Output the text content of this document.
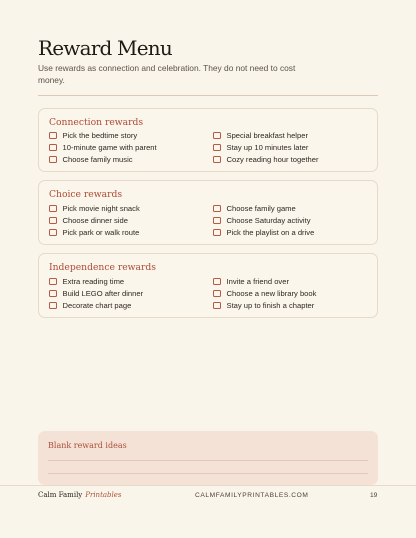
Reward Menu
Use rewards as connection and celebration. They do not need to cost money.
Connection rewards
Pick the bedtime story
10-minute game with parent
Choose family music
Special breakfast helper
Stay up 10 minutes later
Cozy reading hour together
Choice rewards
Pick movie night snack
Choose dinner side
Pick park or walk route
Choose family game
Choose Saturday activity
Pick the playlist on a drive
Independence rewards
Extra reading time
Build LEGO after dinner
Decorate chart page
Invite a friend over
Choose a new library book
Stay up to finish a chapter
Blank reward ideas
Calm Family Printables	CALMFAMILYPRINTABLES.COM	19
